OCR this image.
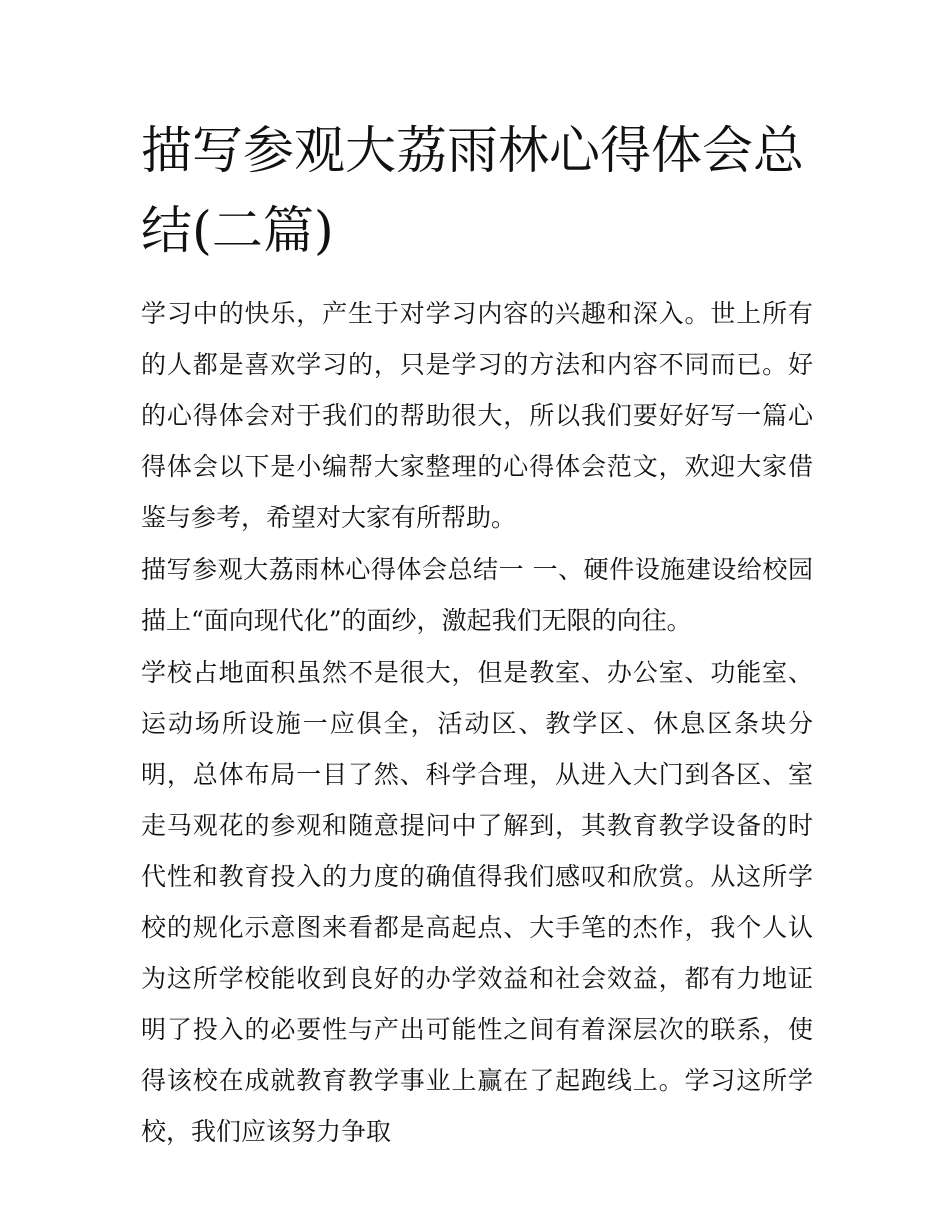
描写参观大荔雨林心得体会总结(二篇)

学习中的快乐，产生于对学习内容的兴趣和深入。世上所有的人都是喜欢学习的，只是学习的方法和内容不同而已。好的心得体会对于我们的帮助很大，所以我们要好好写一篇心得体会以下是小编帮大家整理的心得体会范文，欢迎大家借鉴与参考，希望对大家有所帮助。

描写参观大荔雨林心得体会总结一 一、硬件设施建设给校园描上“面向现代化”的面纱，激起我们无限的向往。

学校占地面积虽然不是很大，但是教室、办公室、功能室、运动场所设施一应俱全，活动区、教学区、休息区条块分明，总体布局一目了然、科学合理，从进入大门到各区、室走马观花的参观和随意提问中了解到，其教育教学设备的时代性和教育投入的力度的确值得我们感叹和欣赏。从这所学校的规化示意图来看都是高起点、大手笔的杰作，我个人认为这所学校能收到良好的办学效益和社会效益，都有力地证明了投入的必要性与产出可能性之间有着深层次的联系，使得该校在成就教育教学事业上赢在了起跑线上。学习这所学校，我们应该努力争取
